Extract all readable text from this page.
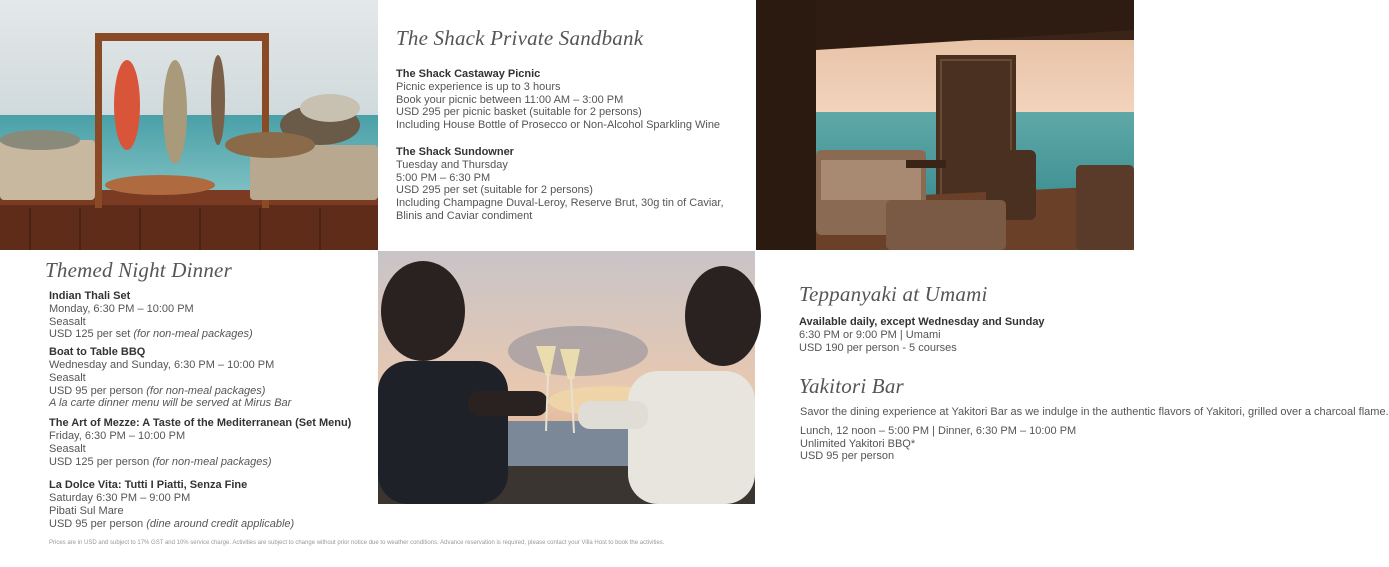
The Shack Private Sandbank
The Shack Castaway Picnic
Picnic experience is up to 3 hours
Book your picnic between 11:00 AM – 3:00 PM
USD 295 per picnic basket (suitable for 2 persons)
Including House Bottle of Prosecco or Non-Alcohol Sparkling Wine
The Shack Sundowner
Tuesday and Thursday
5:00 PM – 6:30 PM
USD 295 per set (suitable for 2 persons)
Including Champagne Duval-Leroy, Reserve Brut, 30g tin of Caviar,
Blinis and Caviar condiment
Themed Night Dinner
Indian Thali Set
Monday, 6:30 PM – 10:00 PM
Seasalt
USD 125 per set (for non-meal packages)
Boat to Table BBQ
Wednesday and Sunday, 6:30 PM – 10:00 PM
Seasalt
USD 95 per person (for non-meal packages)
A la carte dinner menu will be served at Mirus Bar
The Art of Mezze: A Taste of the Mediterranean (Set Menu)
Friday, 6:30 PM – 10:00 PM
Seasalt
USD 125 per person (for non-meal packages)
La Dolce Vita: Tutti I Piatti, Senza Fine
Saturday 6:30 PM – 9:00 PM
Pibati Sul Mare
USD 95 per person (dine around credit applicable)
Teppanyaki at Umami
Available daily, except Wednesday and Sunday
6:30 PM or 9:00 PM | Umami
USD 190 per person - 5 courses
Yakitori Bar
Savor the dining experience at Yakitori Bar as we indulge in the authentic flavors of Yakitori, grilled over a charcoal flame.
Lunch, 12 noon – 5:00 PM | Dinner, 6:30 PM – 10:00 PM
Unlimited Yakitori BBQ*
USD 95 per person
Prices are in USD and subject to 17% GST and 10% service charge. Activities are subject to change without prior notice due to weather conditions. Advance reservation is required, please contact your Villa Host to book the activities.
